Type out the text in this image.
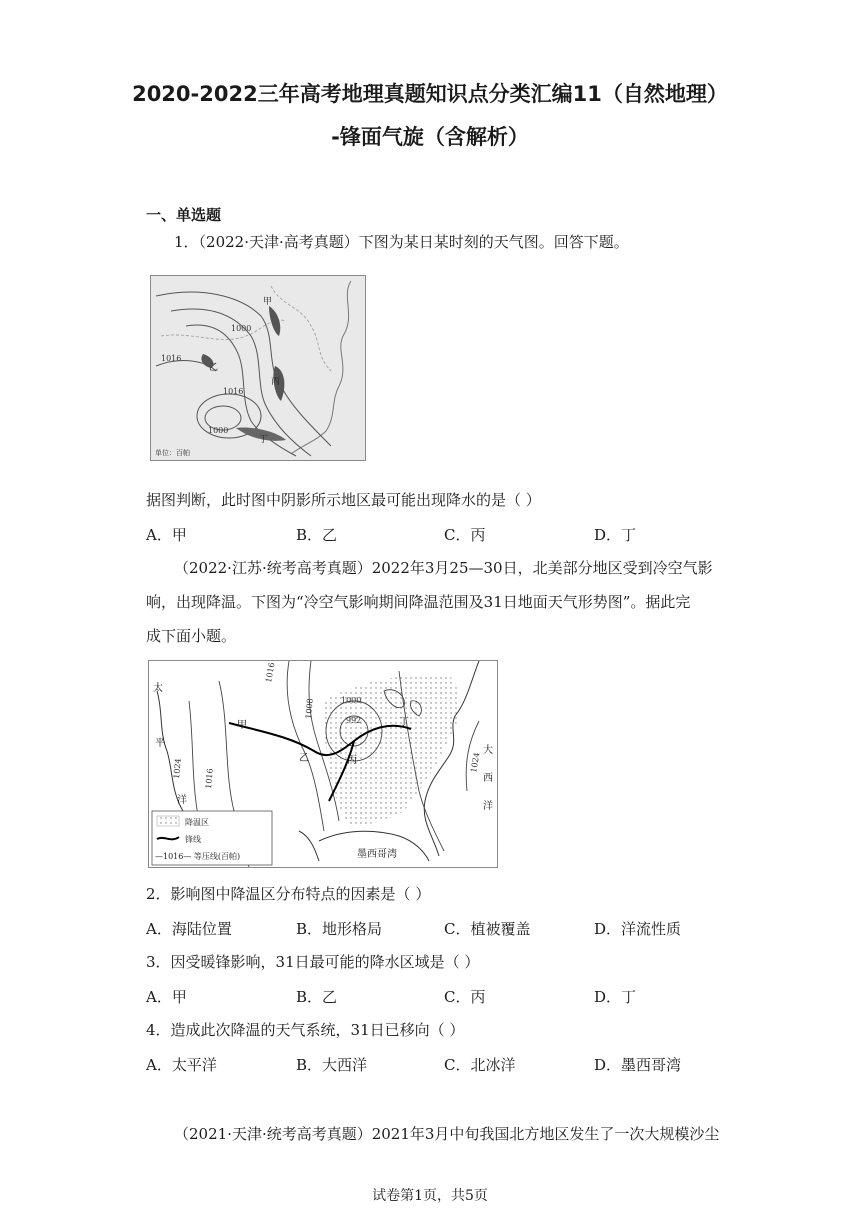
2020-2022三年高考地理真题知识点分类汇编11（自然地理）
-锋面气旋（含解析）
一、单选题
1．（2022·天津·高考真题）下图为某日某时刻的天气图。回答下题。
1000
1016
1000
1016
甲
乙
丙
丁
单位：百帕
据图判断，此时图中阴影所示地区最可能出现降水的是（ ）
A．甲	B．乙	C．丙	D．丁
（2022·江苏·统考高考真题）2022年3月25—30日，北美部分地区受到冷空气影
响，出现降温。下图为“冷空气影响期间降温范围及31日地面天气形势图”。据此完
成下面小题。
1016
1008	1000
992
1024
1016
1024
甲
乙	丙
丁
太
平
洋
大
西
洋
墨西哥湾
降温区
锋线
—1016— 等压线(百帕)
2．影响图中降温区分布特点的因素是（ ）
A．海陆位置	B．地形格局	C．植被覆盖	D．洋流性质
3．因受暖锋影响，31日最可能的降水区域是（ ）
A．甲	B．乙	C．丙	D．丁
4．造成此次降温的天气系统，31日已移向（ ）
A．太平洋	B．大西洋	C．北冰洋	D．墨西哥湾
（2021·天津·统考高考真题）2021年3月中旬我国北方地区发生了一次大规模沙尘
试卷第1页，共5页
